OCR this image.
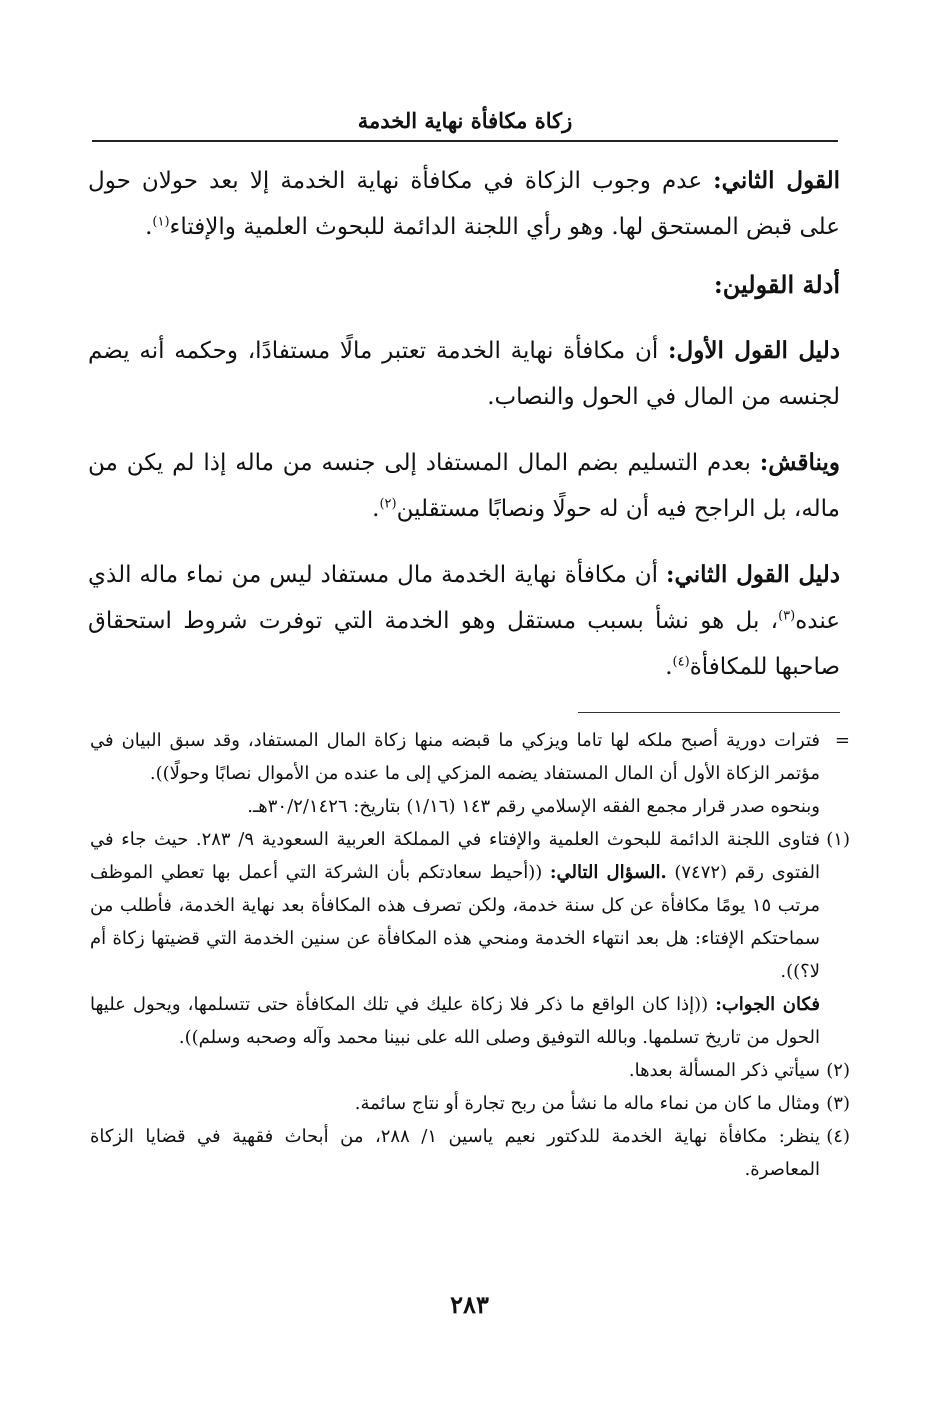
زكاة مكافأة نهاية الخدمة

القول الثاني: عدم وجوب الزكاة في مكافأة نهاية الخدمة إلا بعد حولان حول على قبض المستحق لها. وهو رأي اللجنة الدائمة للبحوث العلمية والإفتاء$^{(١)}$.

أدلة القولين:

دليل القول الأول: أن مكافأة نهاية الخدمة تعتبر مالًا مستفادًا، وحكمه أنه يضم لجنسه من المال في الحول والنصاب.

ويناقش: بعدم التسليم بضم المال المستفاد إلى جنسه من ماله إذا لم يكن من ماله، بل الراجح فيه أن له حولًا ونصابًا مستقلين$^{(٢)}$.

دليل القول الثاني: أن مكافأة نهاية الخدمة مال مستفاد ليس من نماء ماله الذي عنده$^{(٣)}$، بل هو نشأ بسبب مستقل وهو الخدمة التي توفرت شروط استحقاق صاحبها للمكافأة$^{(٤)}$.

=

فترات دورية أصبح ملكه لها تاما ويزكي ما قبضه منها زكاة المال المستفاد، وقد سبق البيان في مؤتمر الزكاة الأول أن المال المستفاد يضمه المزكي إلى ما عنده من الأموال نصابًا وحولًا)).

وبنحوه صدر قرار مجمع الفقه الإسلامي رقم ١٤٣ (١/١٦) بتاريخ: ٣٠/٢/١٤٢٦هـ.

(١)

فتاوى اللجنة الدائمة للبحوث العلمية والإفتاء في المملكة العربية السعودية ٩/ ٢٨٣. حيث جاء في الفتوى رقم (٧٤٧٢) .السؤال التالي: ((أحيط سعادتكم بأن الشركة التي أعمل بها تعطي الموظف مرتب ١٥ يومًا مكافأة عن كل سنة خدمة، ولكن تصرف هذه المكافأة بعد نهاية الخدمة، فأطلب من سماحتكم الإفتاء: هل بعد انتهاء الخدمة ومنحي هذه المكافأة عن سنين الخدمة التي قضيتها زكاة أم لا؟)).

فكان الجواب: ((إذا كان الواقع ما ذكر فلا زكاة عليك في تلك المكافأة حتى تتسلمها، ويحول عليها الحول من تاريخ تسلمها. وبالله التوفيق وصلى الله على نبينا محمد وآله وصحبه وسلم)).

(٢)
سيأتي ذكر المسألة بعدها.
(٣)
ومثال ما كان من نماء ماله ما نشأ من ربح تجارة أو نتاج سائمة.
(٤)
ينظر: مكافأة نهاية الخدمة للدكتور نعيم ياسين ١/ ٢٨٨، من أبحاث فقهية في قضايا الزكاة المعاصرة.
٢٨٣
